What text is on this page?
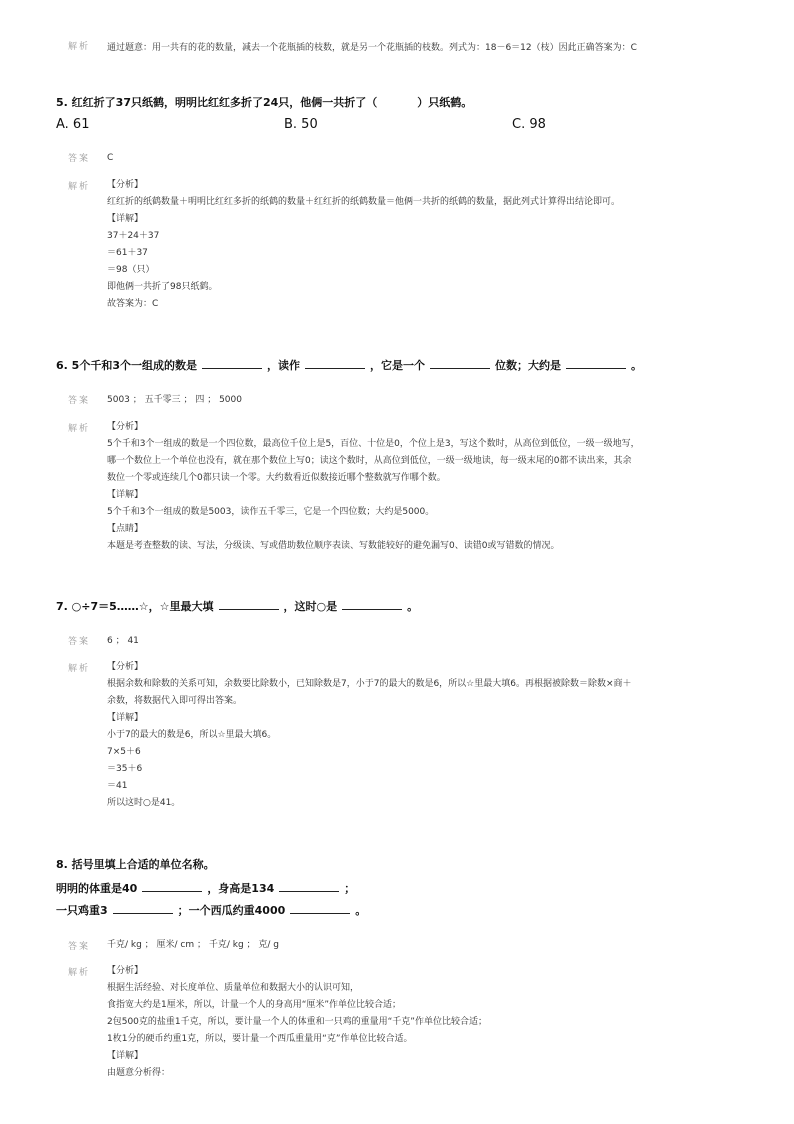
解析 通过题意：用一共有的花的数量，减去一个花瓶插的枝数，就是另一个花瓶插的枝数。列式为：18－6＝12（枝）因此正确答案为：C
5. 红红折了37只纸鹤，明明比红红多折了24只，他俩一共折了（	）只纸鹤。
A. 61	B. 50	C. 98
答案 C
解析 【分析】
红红折的纸鹤数量＋明明比红红多折的纸鹤的数量＋红红折的纸鹤数量＝他俩一共折的纸鹤的数量，据此列式计算得出结论即可。
【详解】
37＋24＋37
＝61＋37
＝98（只）
即他俩一共折了98只纸鹤。
故答案为：C
6. 5个千和3个一组成的数是	，读作	，它是一个	位数；大约是	。
答案 5003 ； 五千零三 ； 四 ； 5000
解析 【分析】
5个千和3个一组成的数是一个四位数，最高位千位上是5，百位、十位是0，个位上是3，写这个数时，从高位到低位，一级一级地写，
哪一个数位上一个单位也没有，就在那个数位上写0；读这个数时，从高位到低位，一级一级地读，每一级末尾的0都不读出来，其余
数位一个零或连续几个0都只读一个零。大约数看近似数接近哪个整数就写作哪个数。
【详解】
5个千和3个一组成的数是5003，读作五千零三，它是一个四位数；大约是5000。
【点睛】
本题是考查整数的读、写法，分级读、写或借助数位顺序表读、写数能较好的避免漏写0、读错0或写错数的情况。
7. ○÷7＝5……☆，☆里最大填	，这时○是	。
答案 6 ； 41
解析 【分析】
根据余数和除数的关系可知，余数要比除数小，已知除数是7，小于7的最大的数是6，所以☆里最大填6。再根据被除数＝除数×商＋
余数，将数据代入即可得出答案。
【详解】
小于7的最大的数是6，所以☆里最大填6。
7×5＋6
＝35＋6
＝41
所以这时○是41。
8. 括号里填上合适的单位名称。
明明的体重是40	，身高是134	；
一只鸡重3	；一个西瓜约重4000	。
答案 千克/ kg ； 厘米/ cm ； 千克/ kg ； 克/ g
解析 【分析】
根据生活经验、对长度单位、质量单位和数据大小的认识可知，
食指宽大约是1厘米，所以，计量一个人的身高用“厘米”作单位比较合适；
2包500克的盐重1千克，所以，要计量一个人的体重和一只鸡的重量用“千克”作单位比较合适；
1枚1分的硬币约重1克，所以，要计量一个西瓜重量用“克”作单位比较合适。
【详解】
由题意分析得：
